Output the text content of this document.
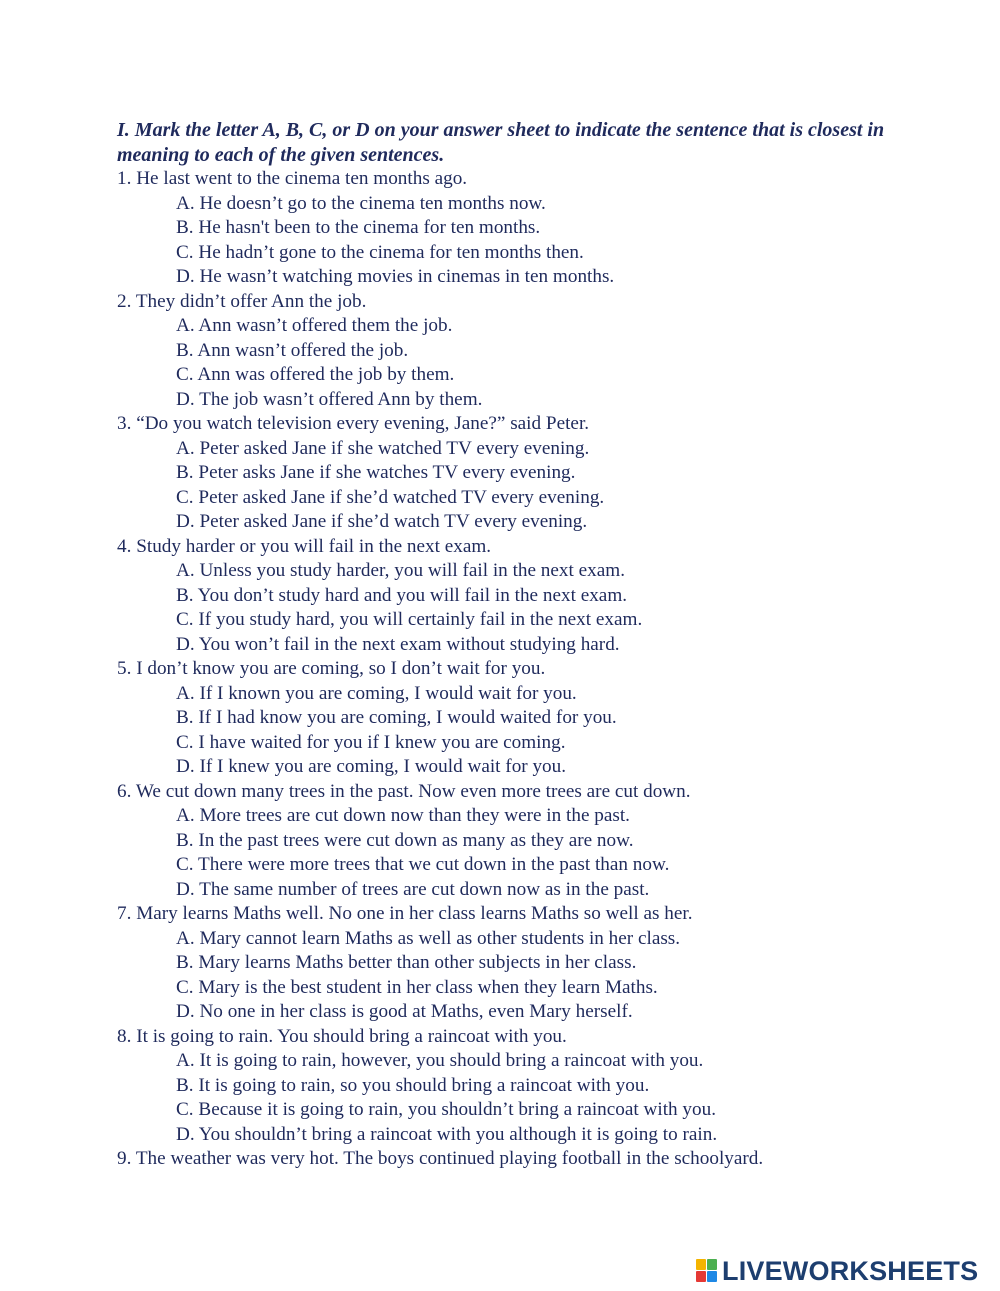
I. Mark the letter A, B, C, or D on your answer sheet to indicate the sentence that is closest in meaning to each of the given sentences.
1. He last went to the cinema ten months ago.
A. He doesn’t go to the cinema ten months now.
B. He hasn't been to the cinema for ten months.
C. He hadn’t gone to the cinema for ten months then.
D. He wasn’t watching movies in cinemas in ten months.
2. They didn’t offer Ann the job.
A. Ann wasn’t offered them the job.
B. Ann wasn’t offered the job.
C. Ann was offered the job by them.
D. The job wasn’t offered Ann by them.
3. “Do you watch television every evening, Jane?” said Peter.
A. Peter asked Jane if she watched TV every evening.
B. Peter asks Jane if she watches TV every evening.
C. Peter asked Jane if she’d watched TV every evening.
D. Peter asked Jane if she’d watch TV every evening.
4. Study harder or you will fail in the next exam.
A. Unless you study harder, you will fail in the next exam.
B. You don’t study hard and you will fail in the next exam.
C. If you study hard, you will certainly fail in the next exam.
D. You won’t fail in the next exam without studying hard.
5. I don’t know you are coming, so I don’t wait for you.
A. If I known you are coming, I would wait for you.
B. If I had know you are coming, I would waited for you.
C. I have waited for you if I knew you are coming.
D. If I knew you are coming, I would wait for you.
6. We cut down many trees in the past. Now even more trees are cut down.
A. More trees are cut down now than they were in the past.
B. In the past trees were cut down as many as they are now.
C. There were more trees that we cut down in the past than now.
D. The same number of trees are cut down now as in the past.
7. Mary learns Maths well. No one in her class learns Maths so well as her.
A. Mary cannot learn Maths as well as other students in her class.
B. Mary learns Maths better than other subjects in her class.
C. Mary is the best student in her class when they learn Maths.
D. No one in her class is good at Maths, even Mary herself.
8. It is going to rain. You should bring a raincoat with you.
A. It is going to rain, however, you should bring a raincoat with you.
B. It is going to rain, so you should bring a raincoat with you.
C. Because it is going to rain, you shouldn’t bring a raincoat with you.
D. You shouldn’t bring a raincoat with you although it is going to rain.
9. The weather was very hot. The boys continued playing football in the schoolyard.
LIVEWORKSHEETS
